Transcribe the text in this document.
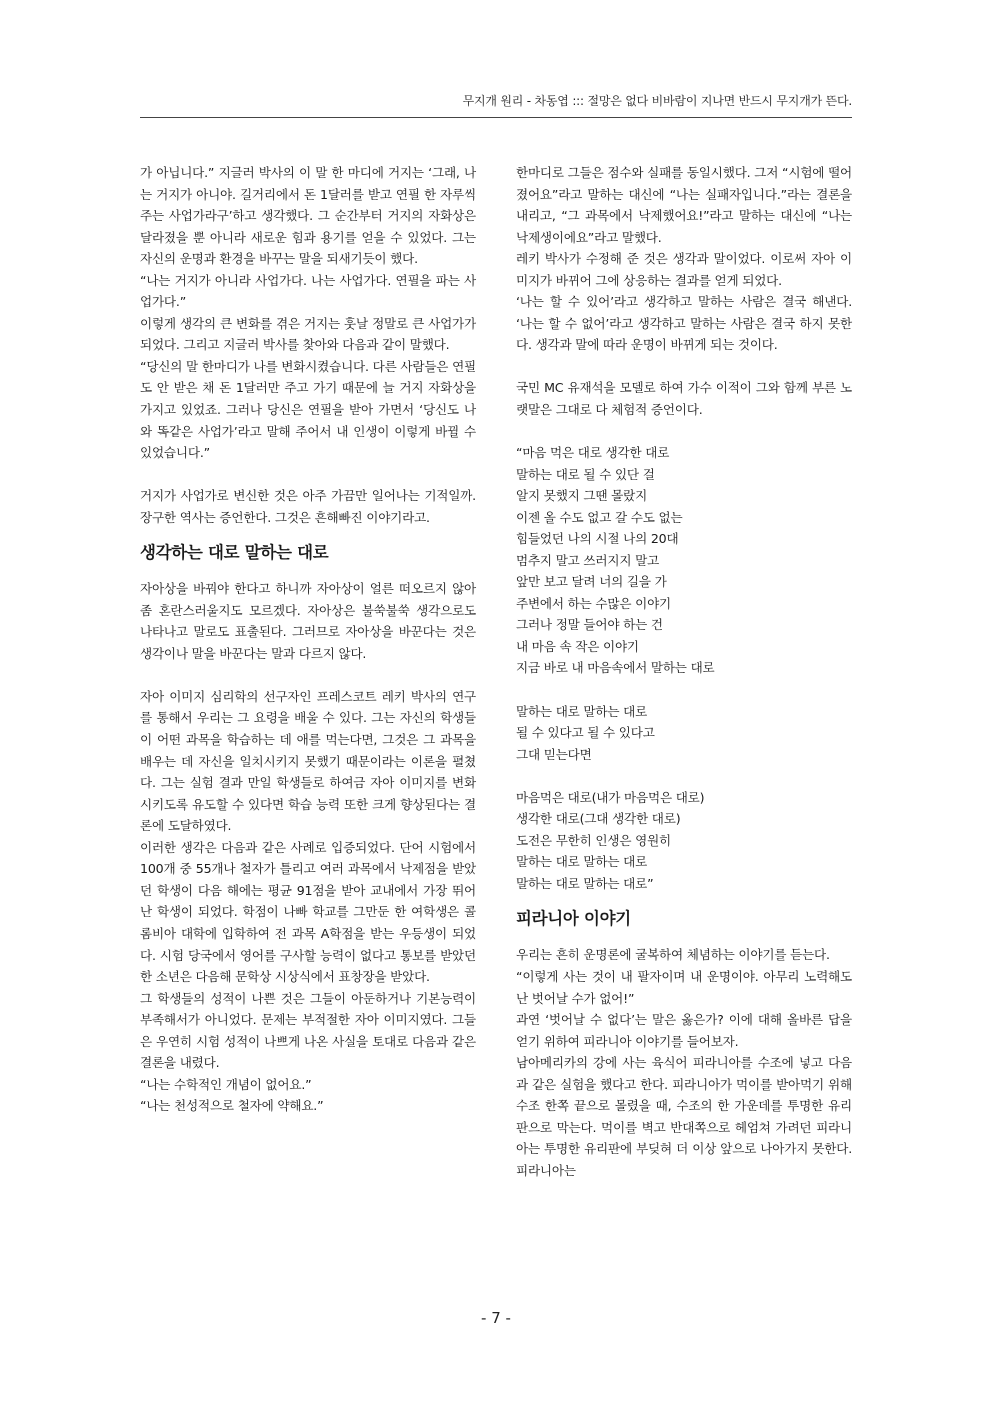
무지개 원리 - 차동엽 ::: 절망은 없다 비바람이 지나면 반드시 무지개가 뜬다.

가 아닙니다.” 지글러 박사의 이 말 한 마디에 거지는 ‘그래, 나는 거지가 아니야. 길거리에서 돈 1달러를 받고 연필 한 자루씩 주는 사업가라구’하고 생각했다. 그 순간부터 거지의 자화상은 달라졌을 뿐 아니라 새로운 힘과 용기를 얻을 수 있었다. 그는 자신의 운명과 환경을 바꾸는 말을 되새기듯이 했다.

“나는 거지가 아니라 사업가다. 나는 사업가다. 연필을 파는 사업가다.”

이렇게 생각의 큰 변화를 겪은 거지는 훗날 정말로 큰 사업가가 되었다. 그리고 지글러 박사를 찾아와 다음과 같이 말했다.

“당신의 말 한마디가 나를 변화시켰습니다. 다른 사람들은 연필도 안 받은 채 돈 1달러만 주고 가기 때문에 늘 거지 자화상을 가지고 있었죠. 그러나 당신은 연필을 받아 가면서 ‘당신도 나와 똑같은 사업가’라고 말해 주어서 내 인생이 이렇게 바뀔 수 있었습니다.”

거지가 사업가로 변신한 것은 아주 가끔만 일어나는 기적일까. 장구한 역사는 증언한다. 그것은 흔해빠진 이야기라고.

생각하는 대로 말하는 대로

자아상을 바꿔야 한다고 하니까 자아상이 얼른 떠오르지 않아 좀 혼란스러울지도 모르겠다. 자아상은 불쑥불쑥 생각으로도 나타나고 말로도 표출된다. 그러므로 자아상을 바꾼다는 것은 생각이나 말을 바꾼다는 말과 다르지 않다.

자아 이미지 심리학의 선구자인 프레스코트 레키 박사의 연구를 통해서 우리는 그 요령을 배울 수 있다. 그는 자신의 학생들이 어떤 과목을 학습하는 데 애를 먹는다면, 그것은 그 과목을 배우는 데 자신을 일치시키지 못했기 때문이라는 이론을 펼쳤다. 그는 실험 결과 만일 학생들로 하여금 자아 이미지를 변화시키도록 유도할 수 있다면 학습 능력 또한 크게 향상된다는 결론에 도달하였다.

이러한 생각은 다음과 같은 사례로 입증되었다. 단어 시험에서 100개 중 55개나 철자가 틀리고 여러 과목에서 낙제점을 받았던 학생이 다음 해에는 평균 91점을 받아 교내에서 가장 뛰어난 학생이 되었다. 학점이 나빠 학교를 그만둔 한 여학생은 콜롬비아 대학에 입학하여 전 과목 A학점을 받는 우등생이 되었다. 시험 당국에서 영어를 구사할 능력이 없다고 통보를 받았던 한 소년은 다음해 문학상 시상식에서 표창장을 받았다.

그 학생들의 성적이 나쁜 것은 그들이 아둔하거나 기본능력이 부족해서가 아니었다. 문제는 부적절한 자아 이미지였다. 그들은 우연히 시험 성적이 나쁘게 나온 사실을 토대로 다음과 같은 결론을 내렸다.

“나는 수학적인 개념이 없어요.”

“나는 천성적으로 철자에 약해요.”

한마디로 그들은 점수와 실패를 동일시했다. 그저 “시험에 떨어졌어요”라고 말하는 대신에 “나는 실패자입니다.”라는 결론을 내리고, “그 과목에서 낙제했어요!”라고 말하는 대신에 “나는 낙제생이에요”라고 말했다.

레키 박사가 수정해 준 것은 생각과 말이었다. 이로써 자아 이미지가 바뀌어 그에 상응하는 결과를 얻게 되었다.

‘나는 할 수 있어’라고 생각하고 말하는 사람은 결국 해낸다. ‘나는 할 수 없어’라고 생각하고 말하는 사람은 결국 하지 못한다. 생각과 말에 따라 운명이 바뀌게 되는 것이다.

국민 MC 유재석을 모델로 하여 가수 이적이 그와 함께 부른 노랫말은 그대로 다 체험적 증언이다.

“마음 먹은 대로 생각한 대로

말하는 대로 될 수 있단 걸

알지 못했지 그땐 몰랐지

이젠 올 수도 없고 갈 수도 없는

힘들었던 나의 시절 나의 20대

멈추지 말고 쓰러지지 말고

앞만 보고 달려 너의 길을 가

주변에서 하는 수많은 이야기

그러나 정말 들어야 하는 건

내 마음 속 작은 이야기

지금 바로 내 마음속에서 말하는 대로

말하는 대로 말하는 대로

될 수 있다고 될 수 있다고

그대 믿는다면

마음먹은 대로(내가 마음먹은 대로)

생각한 대로(그대 생각한 대로)

도전은 무한히 인생은 영원히

말하는 대로 말하는 대로

말하는 대로 말하는 대로”

피라니아 이야기

우리는 흔히 운명론에 굴복하여 체념하는 이야기를 듣는다.

“이렇게 사는 것이 내 팔자이며 내 운명이야. 아무리 노력해도 난 벗어날 수가 없어!”

과연 ‘벗어날 수 없다’는 말은 옳은가? 이에 대해 올바른 답을 얻기 위하여 피라니아 이야기를 들어보자.

남아메리카의 강에 사는 육식어 피라니아를 수조에 넣고 다음과 같은 실험을 했다고 한다. 피라니아가 먹이를 받아먹기 위해 수조 한쪽 끝으로 몰렸을 때, 수조의 한 가운데를 투명한 유리판으로 막는다. 먹이를 벽고 반대쪽으로 헤엄쳐 가려던 피라니아는 투명한 유리판에 부딪혀 더 이상 앞으로 나아가지 못한다. 피라니아는

- 7 -
